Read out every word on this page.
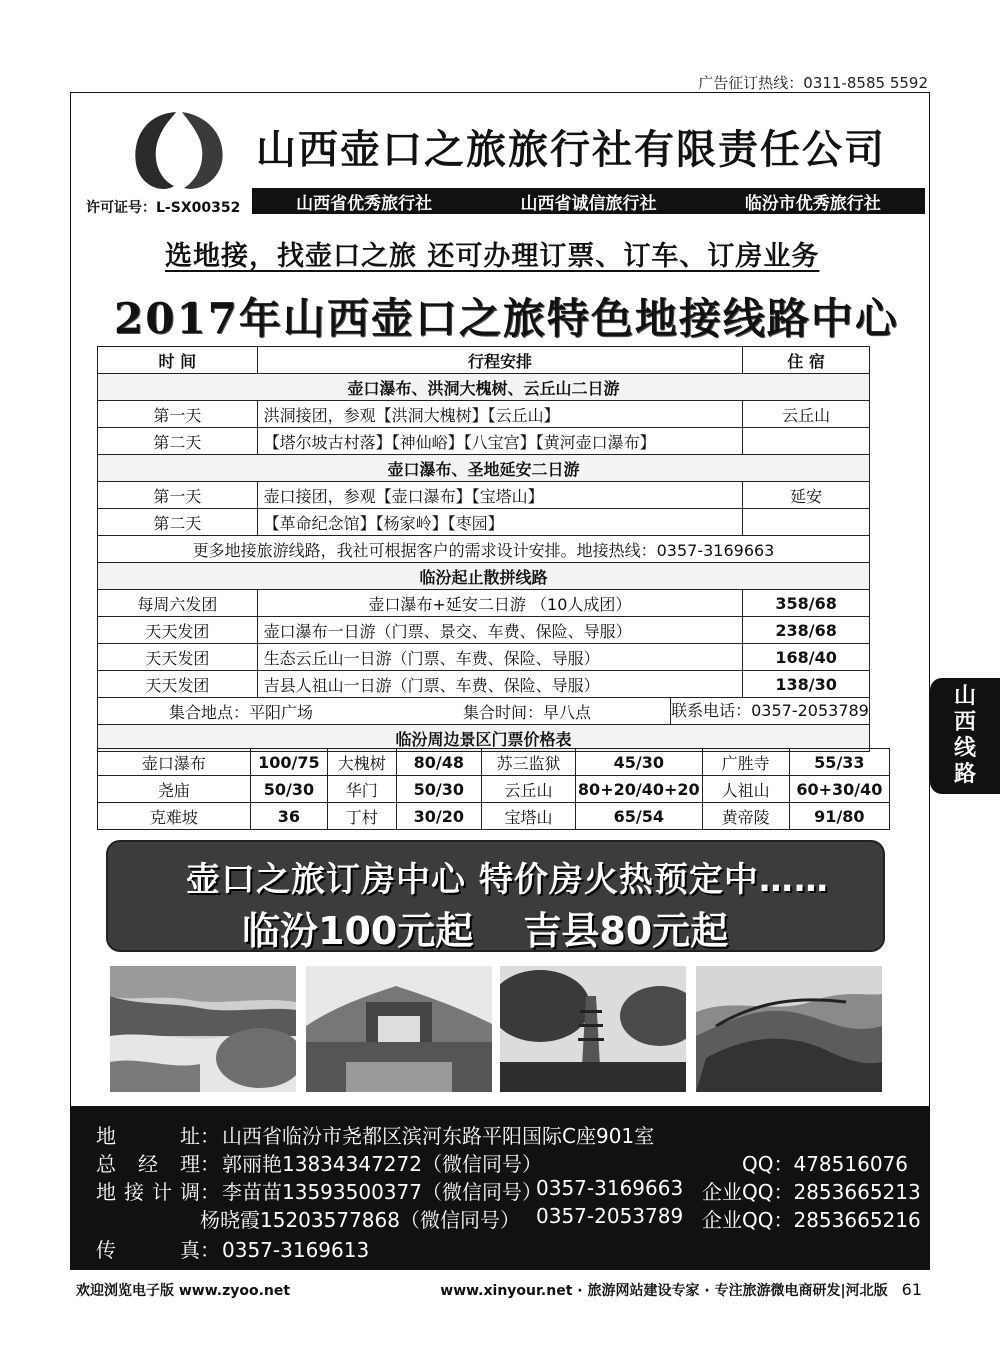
广告征订热线：0311-8585 5592
山西壶口之旅旅行社有限责任公司
许可证号：L-SX00352	山西省优秀旅行社	山西省诚信旅行社	临汾市优秀旅行社
选地接，找壶口之旅 还可办理订票、订车、订房业务
2017年山西壶口之旅特色地接线路中心
时 间	行程安排	住 宿
壶口瀑布、洪洞大槐树、云丘山二日游		
第一天	洪洞接团，参观【洪洞大槐树】【云丘山】	云丘山
第二天	【塔尔坡古村落】【神仙峪】【八宝宫】【黄河壶口瀑布】	
壶口瀑布、圣地延安二日游		
第一天	壶口接团，参观【壶口瀑布】【宝塔山】	延安
第二天	【革命纪念馆】【杨家岭】【枣园】	
更多地接旅游线路，我社可根据客户的需求设计安排。地接热线：0357-3169663		
临汾起止散拼线路		
每周六发团	壶口瀑布+延安二日游 （10人成团）	358/68
天天发团	壶口瀑布一日游（门票、景交、车费、保险、导服）	238/68
天天发团	生态云丘山一日游（门票、车费、保险、导服）	168/40
天天发团	吉县人祖山一日游（门票、车费、保险、导服）	138/30

集合地点：平阳广场 集合时间：早八点 联系电话：0357-2053789		

临汾周边景区门票价格表		
壶口瀑布	100/75	大槐树	80/48	苏三监狱	45/30	广胜寺	55/33
尧庙	50/30	华门	50/30	云丘山	80+20/40+20	人祖山	60+30/40
克难坡	36	丁村	30/20	宝塔山	65/54	黄帝陵	91/80
山
西
线
路
壶口之旅订房中心 特价房火热预定中……
临汾100元起 吉县80元起
地　　址： 山西省临汾市尧都区滨河东路平阳国际C座901室
总 经 理： 郭丽艳13834347272（微信同号）	QQ：478516076
地接计调： 李苗苗13593500377（微信同号）
0357-3169663 企业QQ：2853665213
杨晓霞15203577868（微信同号） 0357-2053789 企业QQ：2853665216
传　　真： 0357-3169613
欢迎浏览电子版 www.zyoo.net	www.xinyour.net · 旅游网站建设专家 · 专注旅游微电商研发|河北版 61
